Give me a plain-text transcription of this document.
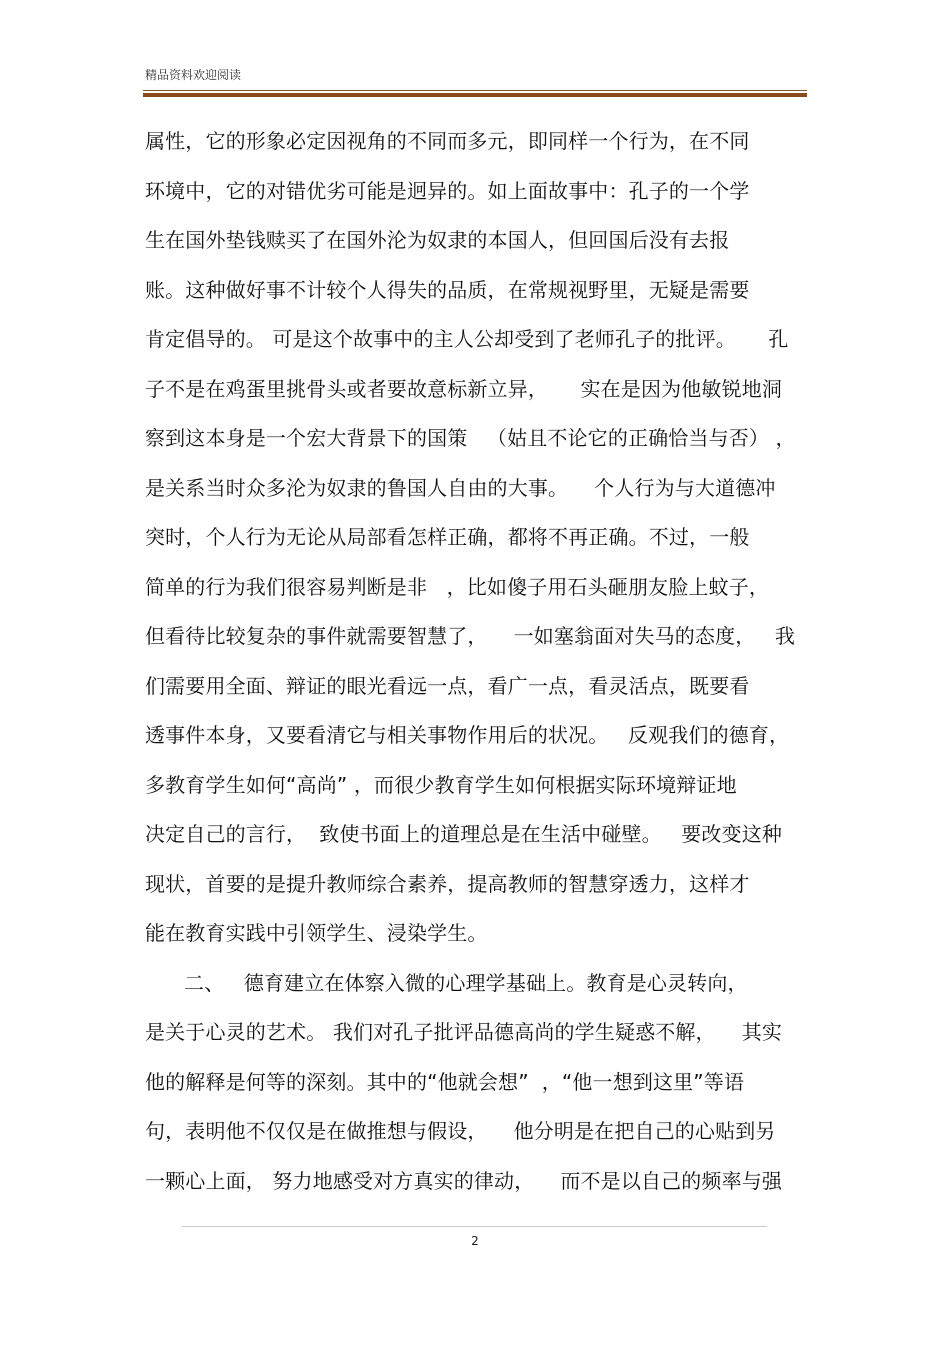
精品资料欢迎阅读
属性，它的形象必定因视角的不同而多元，即同样一个行为，在不同
环境中，它的对错优劣可能是迥异的。如上面故事中：孔子的一个学
生在国外垫钱赎买了在国外沦为奴隶的本国人，但回国后没有去报
账。这种做好事不计较个人得失的品质，在常规视野里，无疑是需要
肯定倡导的。 可是这个故事中的主人公却受到了老师孔子的批评。     孔
子不是在鸡蛋里挑骨头或者要故意标新立异，     实在是因为他敏锐地洞
察到这本身是一个宏大背景下的国策   （姑且不论它的正确恰当与否） ，
是关系当时众多沦为奴隶的鲁国人自由的大事。    个人行为与大道德冲
突时，个人行为无论从局部看怎样正确，都将不再正确。不过，一般
简单的行为我们很容易判断是非   ，比如傻子用石头砸朋友脸上蚊子，
但看待比较复杂的事件就需要智慧了，    一如塞翁面对失马的态度，   我
们需要用全面、辩证的眼光看远一点，看广一点，看灵活点，既要看
透事件本身，又要看清它与相关事物作用后的状况。   反观我们的德育，
多教育学生如何“高尚” ，而很少教育学生如何根据实际环境辩证地
决定自己的言行，  致使书面上的道理总是在生活中碰壁。   要改变这种
现状，首要的是提升教师综合素养，提高教师的智慧穿透力，这样才
能在教育实践中引领学生、浸染学生。
二、   德育建立在体察入微的心理学基础上。教育是心灵转向，
是关于心灵的艺术。 我们对孔子批评品德高尚的学生疑惑不解，    其实
他的解释是何等的深刻。其中的“他就会想”  ，“他一想到这里”等语
句，表明他不仅仅是在做推想与假设，    他分明是在把自己的心贴到另
一颗心上面， 努力地感受对方真实的律动，    而不是以自己的频率与强
2
